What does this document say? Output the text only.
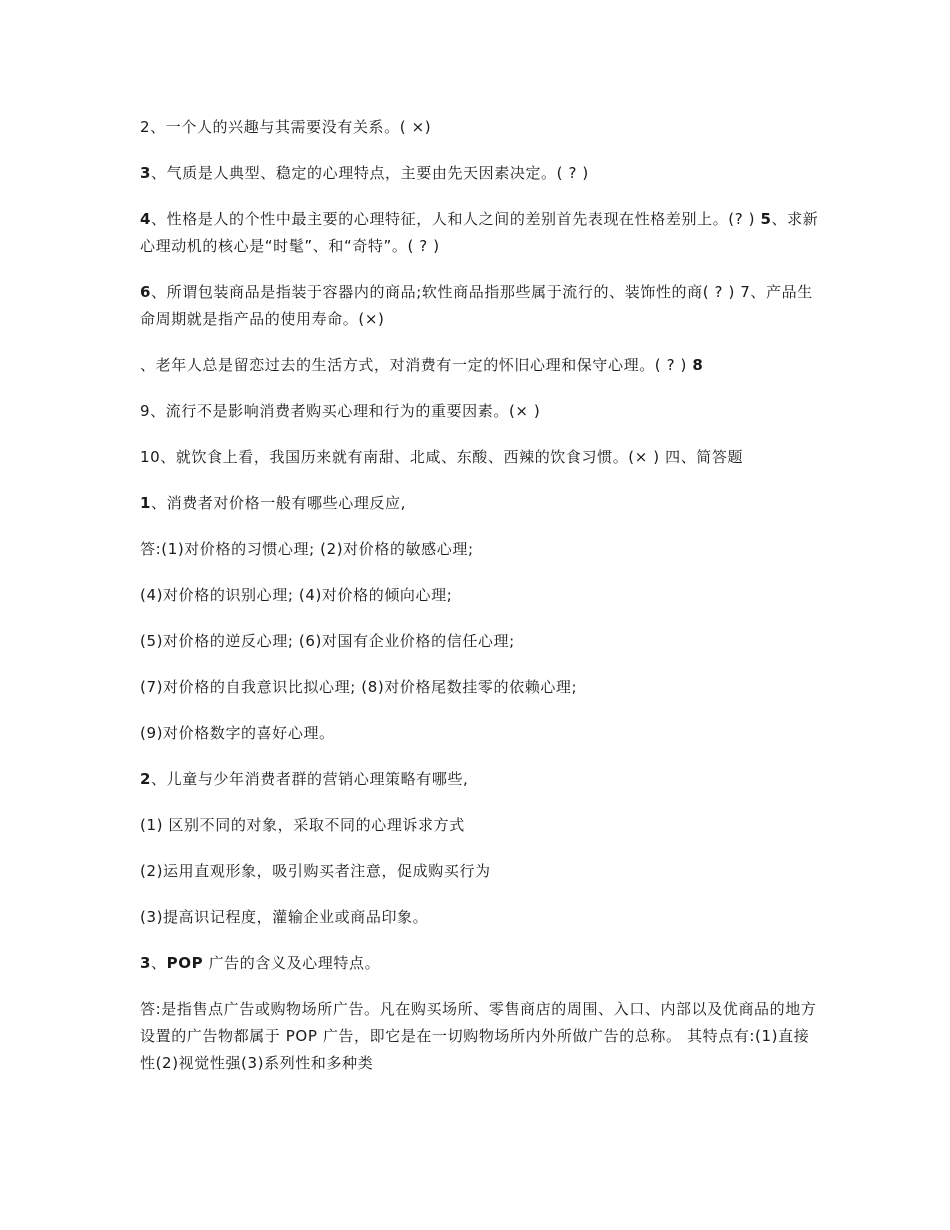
2、一个人的兴趣与其需要没有关系。( ×)

3、气质是人典型、稳定的心理特点，主要由先天因素决定。( ? )

4、性格是人的个性中最主要的心理特征，人和人之间的差别首先表现在性格差别上。(? ) 5、求新心理动机的核心是“时髦”、和“奇特”。( ? )

6、所谓包装商品是指装于容器内的商品;软性商品指那些属于流行的、装饰性的商( ? ) 7、产品生命周期就是指产品的使用寿命。(×)

、老年人总是留恋过去的生活方式，对消费有一定的怀旧心理和保守心理。( ? ) 8

9、流行不是影响消费者购买心理和行为的重要因素。(× )

10、就饮食上看，我国历来就有南甜、北咸、东酸、西辣的饮食习惯。(× ) 四、简答题

1、消费者对价格一般有哪些心理反应,

答:(1)对价格的习惯心理; (2)对价格的敏感心理;

(4)对价格的识别心理; (4)对价格的倾向心理;

(5)对价格的逆反心理; (6)对国有企业价格的信任心理;

(7)对价格的自我意识比拟心理; (8)对价格尾数挂零的依赖心理;

(9)对价格数字的喜好心理。

2、儿童与少年消费者群的营销心理策略有哪些,

(1) 区别不同的对象，采取不同的心理诉求方式

(2)运用直观形象，吸引购买者注意，促成购买行为

(3)提高识记程度，灌输企业或商品印象。

3、POP 广告的含义及心理特点。

答:是指售点广告或购物场所广告。凡在购买场所、零售商店的周围、入口、内部以及优商品的地方设置的广告物都属于 POP 广告，即它是在一切购物场所内外所做广告的总称。 其特点有:(1)直接性(2)视觉性强(3)系列性和多种类
